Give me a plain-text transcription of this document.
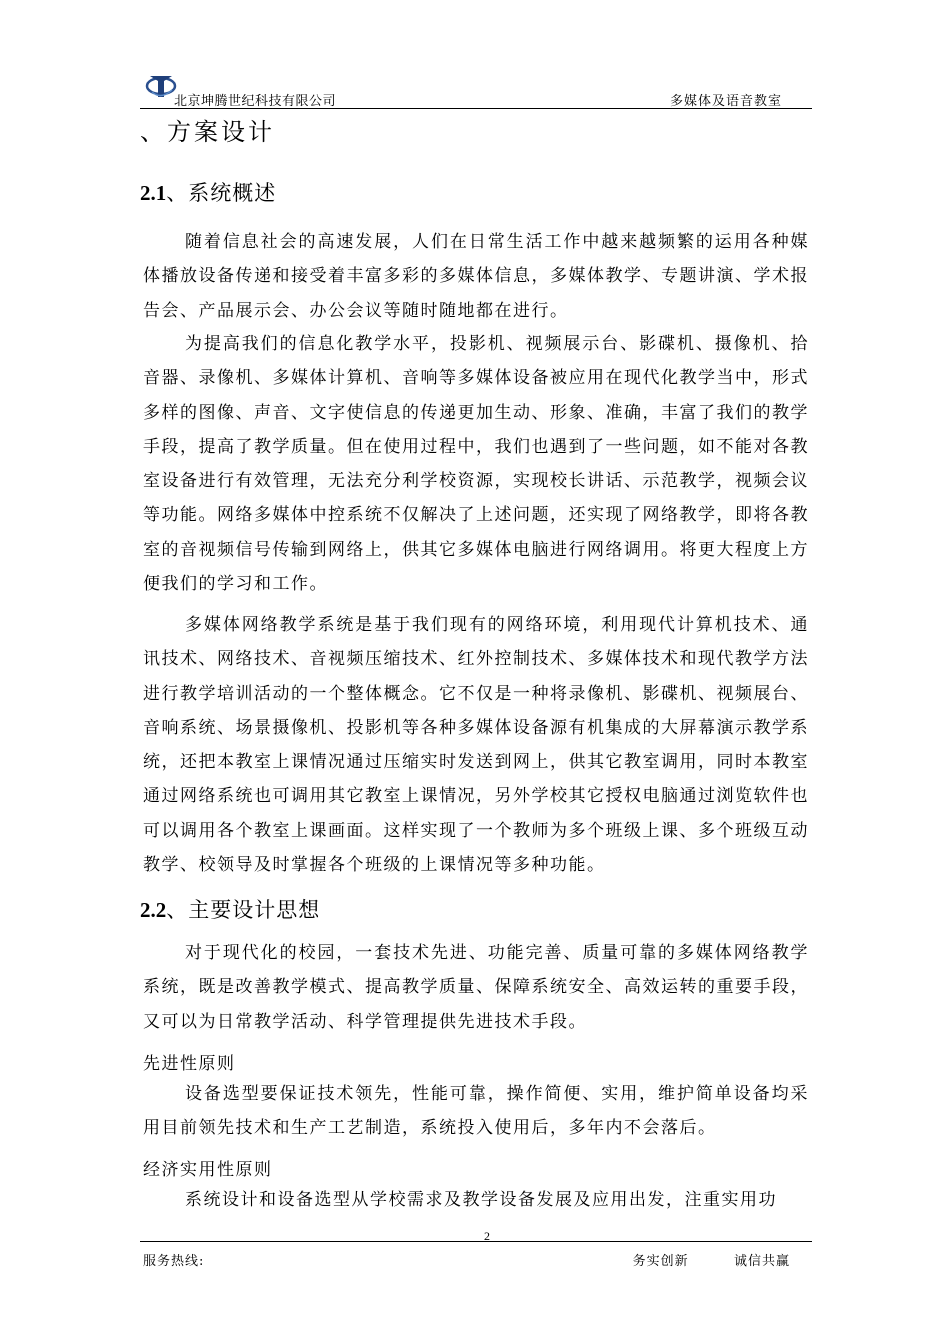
北京坤腾世纪科技有限公司	多媒体及语音教室
、方案设计
2.1、系统概述

随着信息社会的高速发展，人们在日常生活工作中越来越频繁的运用各种媒体播放设备传递和接受着丰富多彩的多媒体信息，多媒体教学、专题讲演、学术报告会、产品展示会、办公会议等随时随地都在进行。

为提高我们的信息化教学水平，投影机、视频展示台、影碟机、摄像机、拾音器、录像机、多媒体计算机、音响等多媒体设备被应用在现代化教学当中，形式多样的图像、声音、文字使信息的传递更加生动、形象、准确，丰富了我们的教学手段，提高了教学质量。但在使用过程中，我们也遇到了一些问题，如不能对各教室设备进行有效管理，无法充分利学校资源，实现校长讲话、示范教学，视频会议等功能。网络多媒体中控系统不仅解决了上述问题，还实现了网络教学，即将各教室的音视频信号传输到网络上，供其它多媒体电脑进行网络调用。将更大程度上方便我们的学习和工作。

多媒体网络教学系统是基于我们现有的网络环境，利用现代计算机技术、通讯技术、网络技术、音视频压缩技术、红外控制技术、多媒体技术和现代教学方法进行教学培训活动的一个整体概念。它不仅是一种将录像机、影碟机、视频展台、音响系统、场景摄像机、投影机等各种多媒体设备源有机集成的大屏幕演示教学系统，还把本教室上课情况通过压缩实时发送到网上，供其它教室调用，同时本教室通过网络系统也可调用其它教室上课情况，另外学校其它授权电脑通过浏览软件也可以调用各个教室上课画面。这样实现了一个教师为多个班级上课、多个班级互动教学、校领导及时掌握各个班级的上课情况等多种功能。

2.2、主要设计思想

对于现代化的校园，一套技术先进、功能完善、质量可靠的多媒体网络教学系统，既是改善教学模式、提高教学质量、保障系统安全、高效运转的重要手段，又可以为日常教学活动、科学管理提供先进技术手段。

先进性原则

设备选型要保证技术领先，性能可靠，操作简便、实用，维护简单设备均采用目前领先技术和生产工艺制造，系统投入使用后，多年内不会落后。

经济实用性原则

系统设计和设备选型从学校需求及教学设备发展及应用出发，注重实用功

2
服务热线:	务实创新   诚信共赢
